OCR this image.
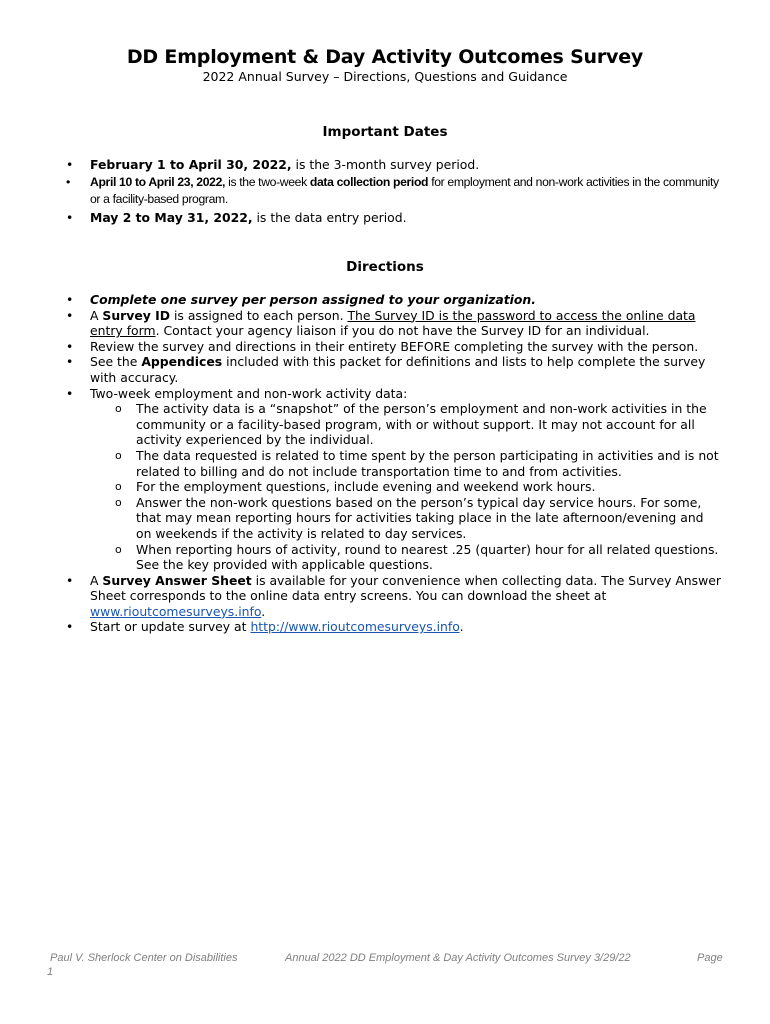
DD Employment & Day Activity Outcomes Survey
2022 Annual Survey – Directions, Questions and Guidance
Important Dates
• February 1 to April 30, 2022, is the 3-month survey period.
• April 10 to April 23, 2022, is the two-week data collection period for employment and non-work activities in the community or a facility-based program.
• May 2 to May 31, 2022, is the data entry period.
Directions
• Complete one survey per person assigned to your organization.
• A Survey ID is assigned to each person. The Survey ID is the password to access the online data entry form. Contact your agency liaison if you do not have the Survey ID for an individual.
• Review the survey and directions in their entirety BEFORE completing the survey with the person.
• See the Appendices included with this packet for definitions and lists to help complete the survey with accuracy.
• Two-week employment and non-work activity data:
o The activity data is a “snapshot” of the person’s employment and non-work activities in the community or a facility-based program, with or without support. It may not account for all activity experienced by the individual.
o The data requested is related to time spent by the person participating in activities and is not related to billing and do not include transportation time to and from activities.
o For the employment questions, include evening and weekend work hours.
o Answer the non-work questions based on the person’s typical day service hours. For some, that may mean reporting hours for activities taking place in the late afternoon/evening and on weekends if the activity is related to day services.
o When reporting hours of activity, round to nearest .25 (quarter) hour for all related questions. See the key provided with applicable questions.
• A Survey Answer Sheet is available for your convenience when collecting data. The Survey Answer Sheet corresponds to the online data entry screens. You can download the sheet at www.rioutcomesurveys.info.
• Start or update survey at http://www.rioutcomesurveys.info.
Paul V. Sherlock Center on Disabilities	Annual 2022 DD Employment & Day Activity Outcomes Survey 3/29/22	Page
1
